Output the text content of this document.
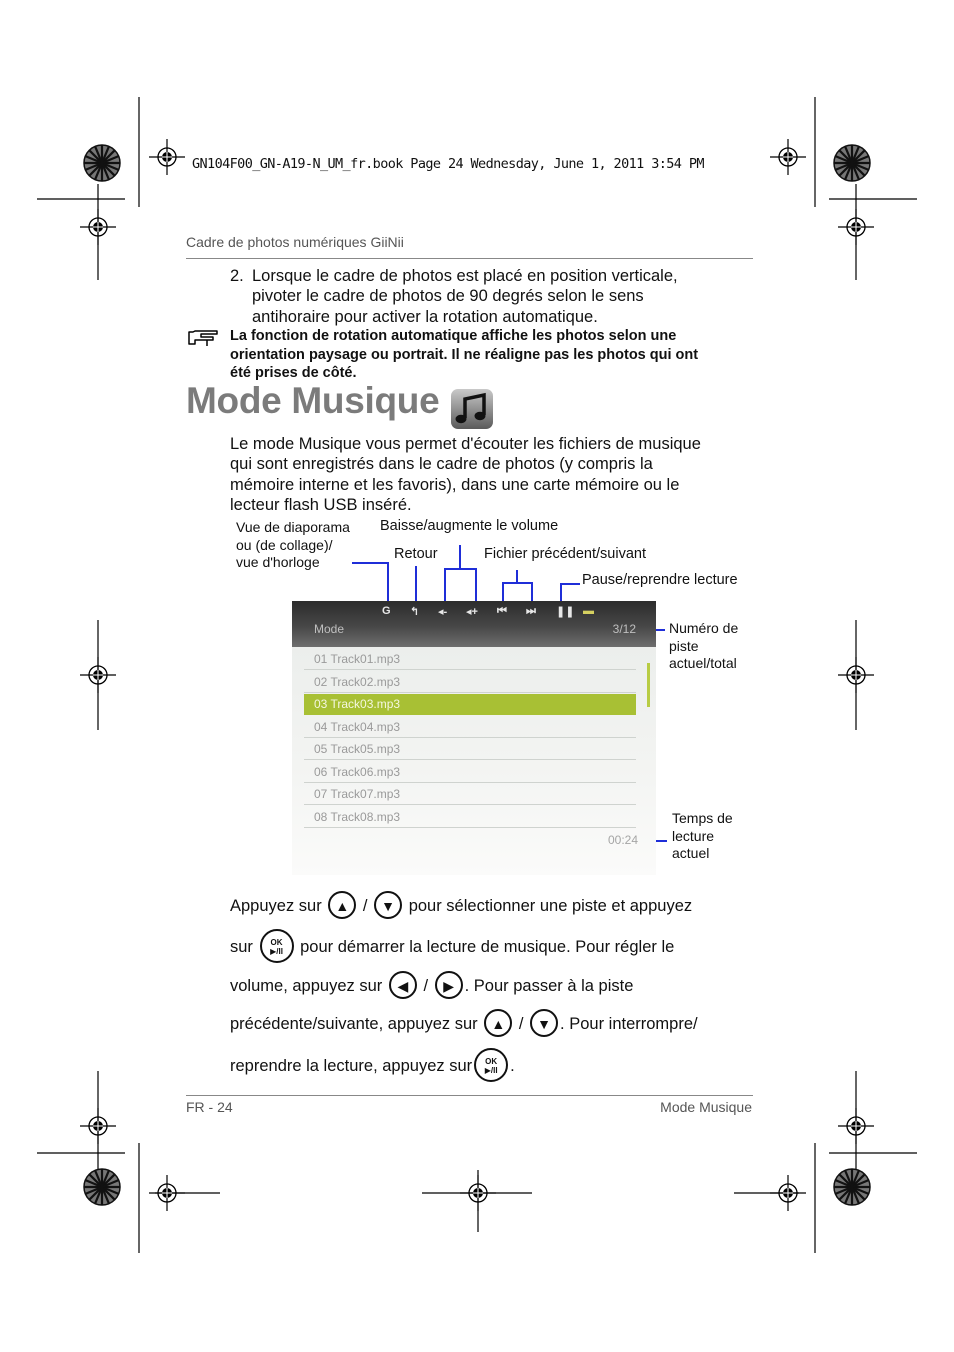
GN104F00_GN-A19-N_UM_fr.book Page 24 Wednesday, June 1, 2011 3:54 PM
Cadre de photos numériques GiiNii
2. Lorsque le cadre de photos est placé en position verticale,
pivoter le cadre de photos de 90 degrés selon le sens
antihoraire pour activer la rotation automatique.
La fonction de rotation automatique affiche les photos selon une
orientation paysage ou portrait. Il ne réaligne pas les photos qui ont
été prises de côté.
Mode Musique
Le mode Musique vous permet d'écouter les fichiers de musique
qui sont enregistrés dans le cadre de photos (y compris la
mémoire interne et les favoris), dans une carte mémoire ou le
lecteur flash USB inséré.
Vue de diaporama
ou (de collage)/
vue d'horloge
Baisse/augmente le volume
Retour	Fichier précédent/suivant
Pause/reprendre lecture
Numéro de
piste
actuel/total
Temps de
lecture
actuel
G ↰ ◂- ◂+ ⏮ ⏭ ❚❚ ▬
Mode	3/12
01 Track01.mp3
02 Track02.mp3
03 Track03.mp3
04 Track04.mp3
05 Track05.mp3
06 Track06.mp3
07 Track07.mp3
08 Track08.mp3
00:24
Appuyez sur ▲ / ▼ pour sélectionner une piste et appuyez
sur OK
▶/II pour démarrer la lecture de musique. Pour régler le
volume, appuyez sur ◀ / ▶ . Pour passer à la piste
précédente/suivante, appuyez sur ▲ / ▼ . Pour interrompre/
reprendre la lecture, appuyez sur OK
▶/II .
FR - 24	Mode Musique
